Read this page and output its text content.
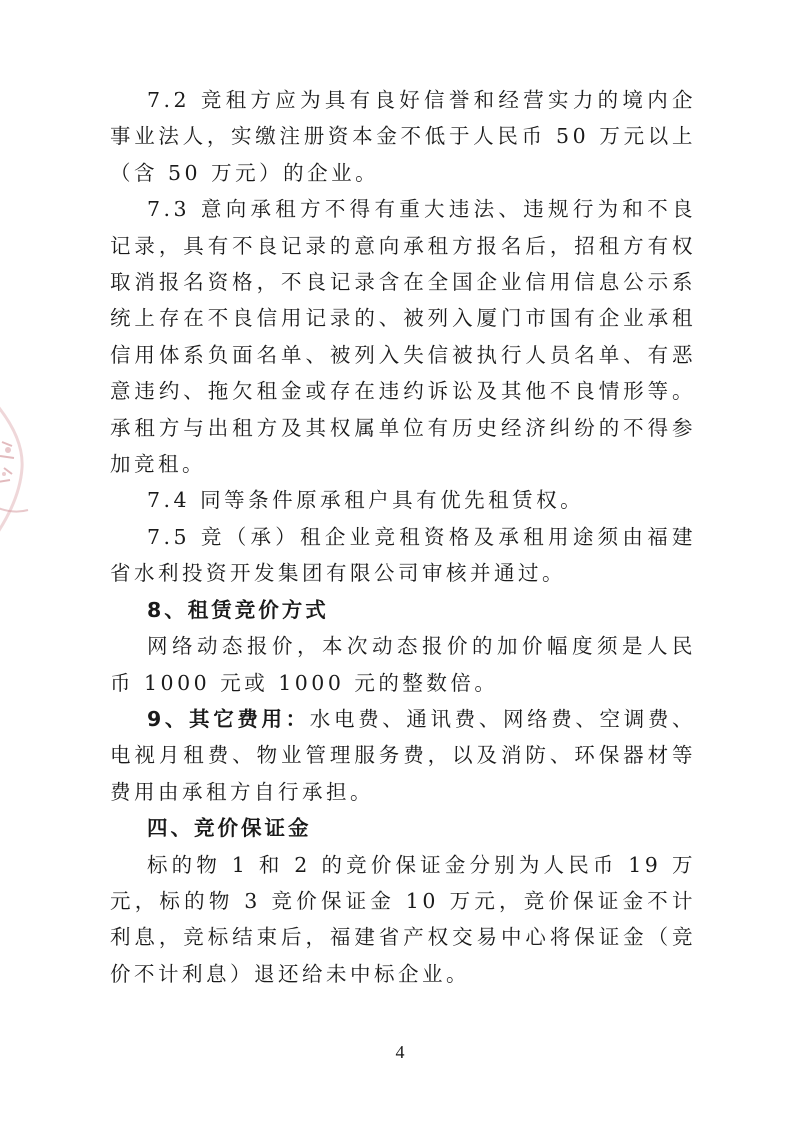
7.2 竞租方应为具有良好信誉和经营实力的境内企事业法人，实缴注册资本金不低于人民币 50 万元以上（含 50 万元）的企业。

7.3 意向承租方不得有重大违法、违规行为和不良记录，具有不良记录的意向承租方报名后，招租方有权取消报名资格，不良记录含在全国企业信用信息公示系统上存在不良信用记录的、被列入厦门市国有企业承租信用体系负面名单、被列入失信被执行人员名单、有恶意违约、拖欠租金或存在违约诉讼及其他不良情形等。承租方与出租方及其权属单位有历史经济纠纷的不得参加竞租。

7.4 同等条件原承租户具有优先租赁权。

7.5 竞（承）租企业竞租资格及承租用途须由福建省水利投资开发集团有限公司审核并通过。

8、租赁竞价方式

网络动态报价，本次动态报价的加价幅度须是人民币 1000 元或 1000 元的整数倍。

9、其它费用：水电费、通讯费、网络费、空调费、电视月租费、物业管理服务费，以及消防、环保器材等费用由承租方自行承担。

四、竞价保证金

标的物 1 和 2 的竞价保证金分别为人民币 19 万元，标的物 3 竞价保证金 10 万元，竞价保证金不计利息，竞标结束后，福建省产权交易中心将保证金（竞价不计利息）退还给未中标企业。

4
